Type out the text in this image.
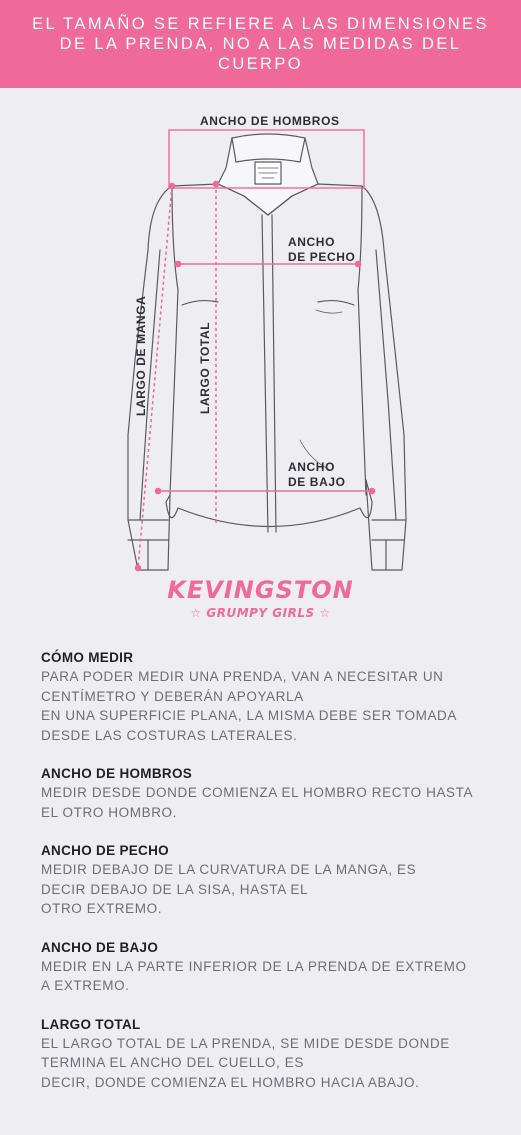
EL TAMAÑO SE REFIERE A LAS DIMENSIONES DE LA PRENDA, NO A LAS MEDIDAS DEL CUERPO
ANCHO DE HOMBROS
ANCHO
DE PECHO
ANCHO
DE BAJO
LARGO DE MANGA	LARGO TOTAL
KEVINGSTON
☆ GRUMPY GIRLS ☆

CÓMO MEDIR

PARA PODER MEDIR UNA PRENDA, VAN A NECESITAR UN

CENTÍMETRO Y DEBERÁN APOYARLA

EN UNA SUPERFICIE PLANA, LA MISMA DEBE SER TOMADA

DESDE LAS COSTURAS LATERALES.

ANCHO DE HOMBROS

MEDIR DESDE DONDE COMIENZA EL HOMBRO RECTO HASTA

EL OTRO HOMBRO.

ANCHO DE PECHO

MEDIR DEBAJO DE LA CURVATURA DE LA MANGA, ES

DECIR DEBAJO DE LA SISA, HASTA EL

OTRO EXTREMO.

ANCHO DE BAJO

MEDIR EN LA PARTE INFERIOR DE LA PRENDA DE EXTREMO

A EXTREMO.

LARGO TOTAL

EL LARGO TOTAL DE LA PRENDA, SE MIDE DESDE DONDE

TERMINA EL ANCHO DEL CUELLO, ES

DECIR, DONDE COMIENZA EL HOMBRO HACIA ABAJO.
